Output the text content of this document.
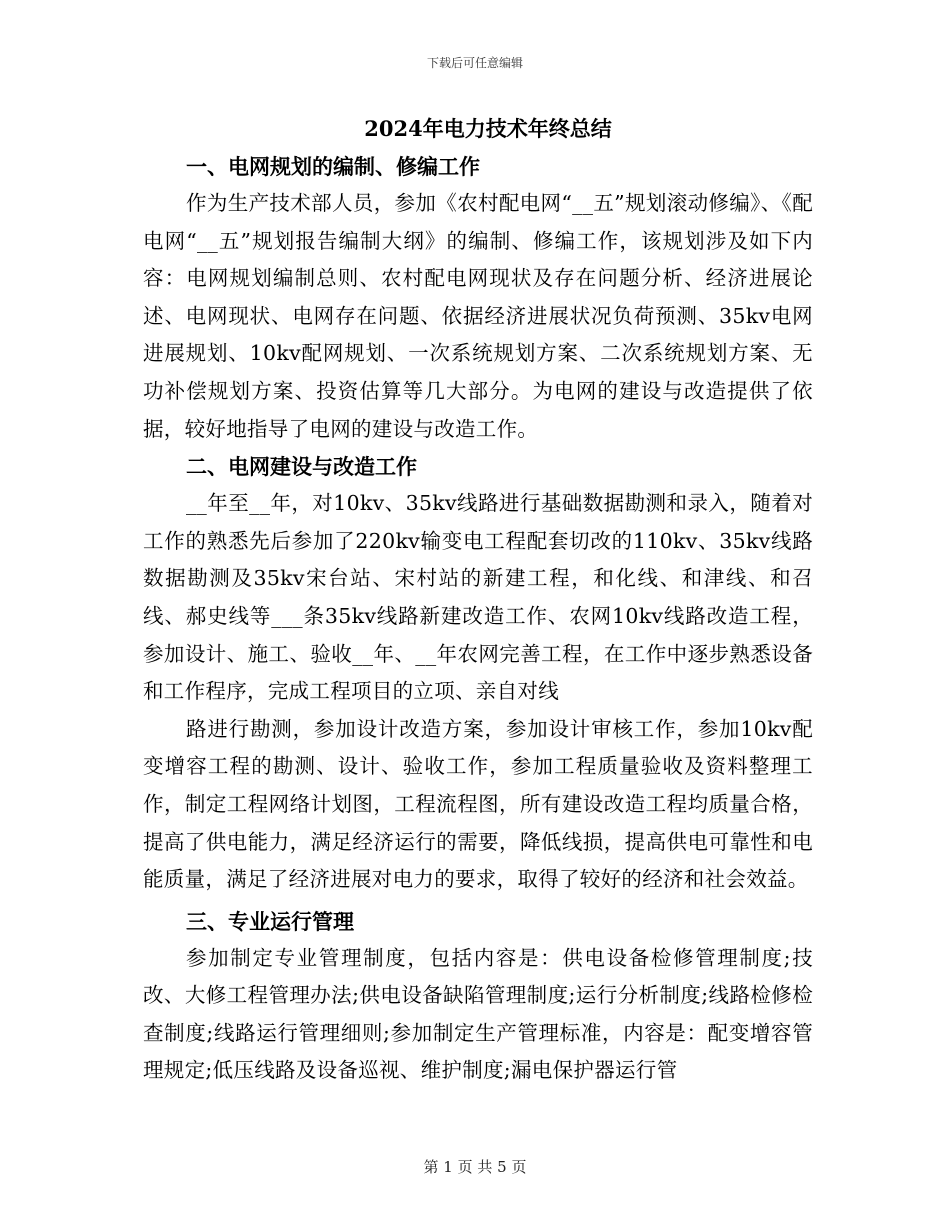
下载后可任意编辑
2024年电力技术年终总结
一、电网规划的编制、修编工作

作为生产技术部人员，参加《农村配电网“__五”规划滚动修编》、《配电网“__五”规划报告编制大纲》的编制、修编工作，该规划涉及如下内容：电网规划编制总则、农村配电网现状及存在问题分析、经济进展论述、电网现状、电网存在问题、依据经济进展状况负荷预测、35kv电网进展规划、10kv配网规划、一次系统规划方案、二次系统规划方案、无功补偿规划方案、投资估算等几大部分。为电网的建设与改造提供了依据，较好地指导了电网的建设与改造工作。

二、电网建设与改造工作

__年至__年，对10kv、35kv线路进行基础数据勘测和录入，随着对工作的熟悉先后参加了220kv输变电工程配套切改的110kv、35kv线路数据勘测及35kv宋台站、宋村站的新建工程，和化线、和津线、和召线、郝史线等___条35kv线路新建改造工作、农网10kv线路改造工程，参加设计、施工、验收__年、__年农网完善工程，在工作中逐步熟悉设备和工作程序，完成工程项目的立项、亲自对线

路进行勘测，参加设计改造方案，参加设计审核工作，参加10kv配变增容工程的勘测、设计、验收工作，参加工程质量验收及资料整理工作，制定工程网络计划图，工程流程图，所有建设改造工程均质量合格，提高了供电能力，满足经济运行的需要，降低线损，提高供电可靠性和电能质量，满足了经济进展对电力的要求，取得了较好的经济和社会效益。

三、专业运行管理

参加制定专业管理制度，包括内容是：供电设备检修管理制度;技改、大修工程管理办法;供电设备缺陷管理制度;运行分析制度;线路检修检查制度;线路运行管理细则;参加制定生产管理标准，内容是：配变增容管理规定;低压线路及设备巡视、维护制度;漏电保护器运行管

第 1 页 共 5 页
